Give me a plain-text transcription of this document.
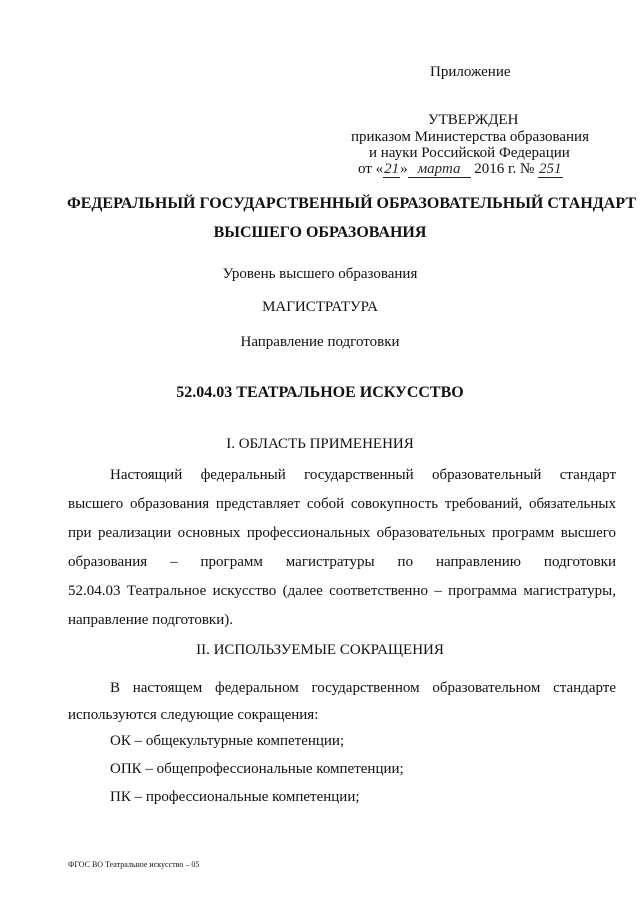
Приложение
УТВЕРЖДЕН
приказом Министерства образования
и науки Российской Федерации
от «21» марта 2016 г. № 251
ФЕДЕРАЛЬНЫЙ ГОСУДАРСТВЕННЫЙ ОБРАЗОВАТЕЛЬНЫЙ СТАНДАРТ
ВЫСШЕГО ОБРАЗОВАНИЯ
Уровень высшего образования
МАГИСТРАТУРА
Направление подготовки
52.04.03 ТЕАТРАЛЬНОЕ ИСКУССТВО
I. ОБЛАСТЬ ПРИМЕНЕНИЯ
Настоящий федеральный государственный образовательный стандарт
высшего образования представляет собой совокупность требований, обязательных
при реализации основных профессиональных образовательных программ высшего
образования – программ магистратуры по направлению подготовки
52.04.03 Театральное искусство (далее соответственно – программа магистратуры,
направление подготовки).
II. ИСПОЛЬЗУЕМЫЕ СОКРАЩЕНИЯ
В настоящем федеральном государственном образовательном стандарте
используются следующие сокращения:
ОК – общекультурные компетенции;
ОПК – общепрофессиональные компетенции;
ПК – профессиональные компетенции;
ФГОС ВО Театральное искусство – 05
